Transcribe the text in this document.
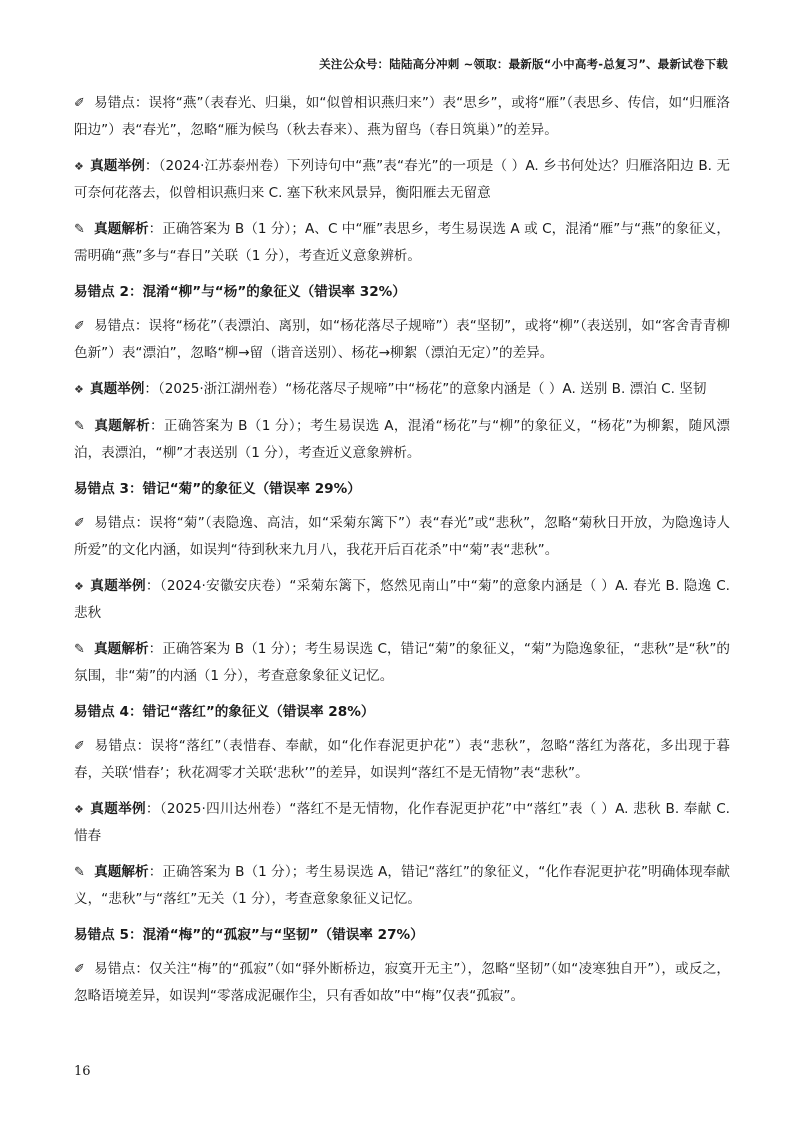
关注公众号：陆陆高分冲刺 ~领取：最新版“小中高考-总复习”、最新试卷下载

✐ 易错点：误将“燕”（表春光、归巢，如“似曾相识燕归来”）表“思乡”，或将“雁”（表思乡、传信，如“归雁洛阳边”）表“春光”，忽略“雁为候鸟（秋去春来）、燕为留鸟（春日筑巢）”的差异。

❖ 真题举例：（2024·江苏泰州卷）下列诗句中“燕”表“春光”的一项是（ ）A. 乡书何处达？归雁洛阳边 B. 无可奈何花落去，似曾相识燕归来 C. 塞下秋来风景异，衡阳雁去无留意

✎ 真题解析：正确答案为 B（1 分）；A、C 中“雁”表思乡，考生易误选 A 或 C，混淆“雁”与“燕”的象征义，需明确“燕”多与“春日”关联（1 分），考查近义意象辨析。

易错点 2：混淆“柳”与“杨”的象征义（错误率 32%）

✐ 易错点：误将“杨花”（表漂泊、离别，如“杨花落尽子规啼”）表“坚韧”，或将“柳”（表送别，如“客舍青青柳色新”）表“漂泊”，忽略“柳→留（谐音送别）、杨花→柳絮（漂泊无定）”的差异。

❖ 真题举例：（2025·浙江湖州卷）“杨花落尽子规啼”中“杨花”的意象内涵是（ ）A. 送别 B. 漂泊 C. 坚韧

✎ 真题解析：正确答案为 B（1 分）；考生易误选 A，混淆“杨花”与“柳”的象征义，“杨花”为柳絮，随风漂泊，表漂泊，“柳”才表送别（1 分），考查近义意象辨析。

易错点 3：错记“菊”的象征义（错误率 29%）

✐ 易错点：误将“菊”（表隐逸、高洁，如“采菊东篱下”）表“春光”或“悲秋”，忽略“菊秋日开放，为隐逸诗人所爱”的文化内涵，如误判“待到秋来九月八，我花开后百花杀”中“菊”表“悲秋”。

❖ 真题举例：（2024·安徽安庆卷）“采菊东篱下，悠然见南山”中“菊”的意象内涵是（ ）A. 春光 B. 隐逸 C. 悲秋

✎ 真题解析：正确答案为 B（1 分）；考生易误选 C，错记“菊”的象征义，“菊”为隐逸象征，“悲秋”是“秋”的氛围，非“菊”的内涵（1 分），考查意象象征义记忆。

易错点 4：错记“落红”的象征义（错误率 28%）

✐ 易错点：误将“落红”（表惜春、奉献，如“化作春泥更护花”）表“悲秋”，忽略“落红为落花，多出现于暮春，关联‘惜春’；秋花凋零才关联‘悲秋’”的差异，如误判“落红不是无情物”表“悲秋”。

❖ 真题举例：（2025·四川达州卷）“落红不是无情物，化作春泥更护花”中“落红”表（ ）A. 悲秋 B. 奉献 C. 惜春

✎ 真题解析：正确答案为 B（1 分）；考生易误选 A，错记“落红”的象征义，“化作春泥更护花”明确体现奉献义，“悲秋”与“落红”无关（1 分），考查意象象征义记忆。

易错点 5：混淆“梅”的“孤寂”与“坚韧”（错误率 27%）

✐ 易错点：仅关注“梅”的“孤寂”（如“驿外断桥边，寂寞开无主”），忽略“坚韧”（如“凌寒独自开”），或反之，忽略语境差异，如误判“零落成泥碾作尘，只有香如故”中“梅”仅表“孤寂”。

16
